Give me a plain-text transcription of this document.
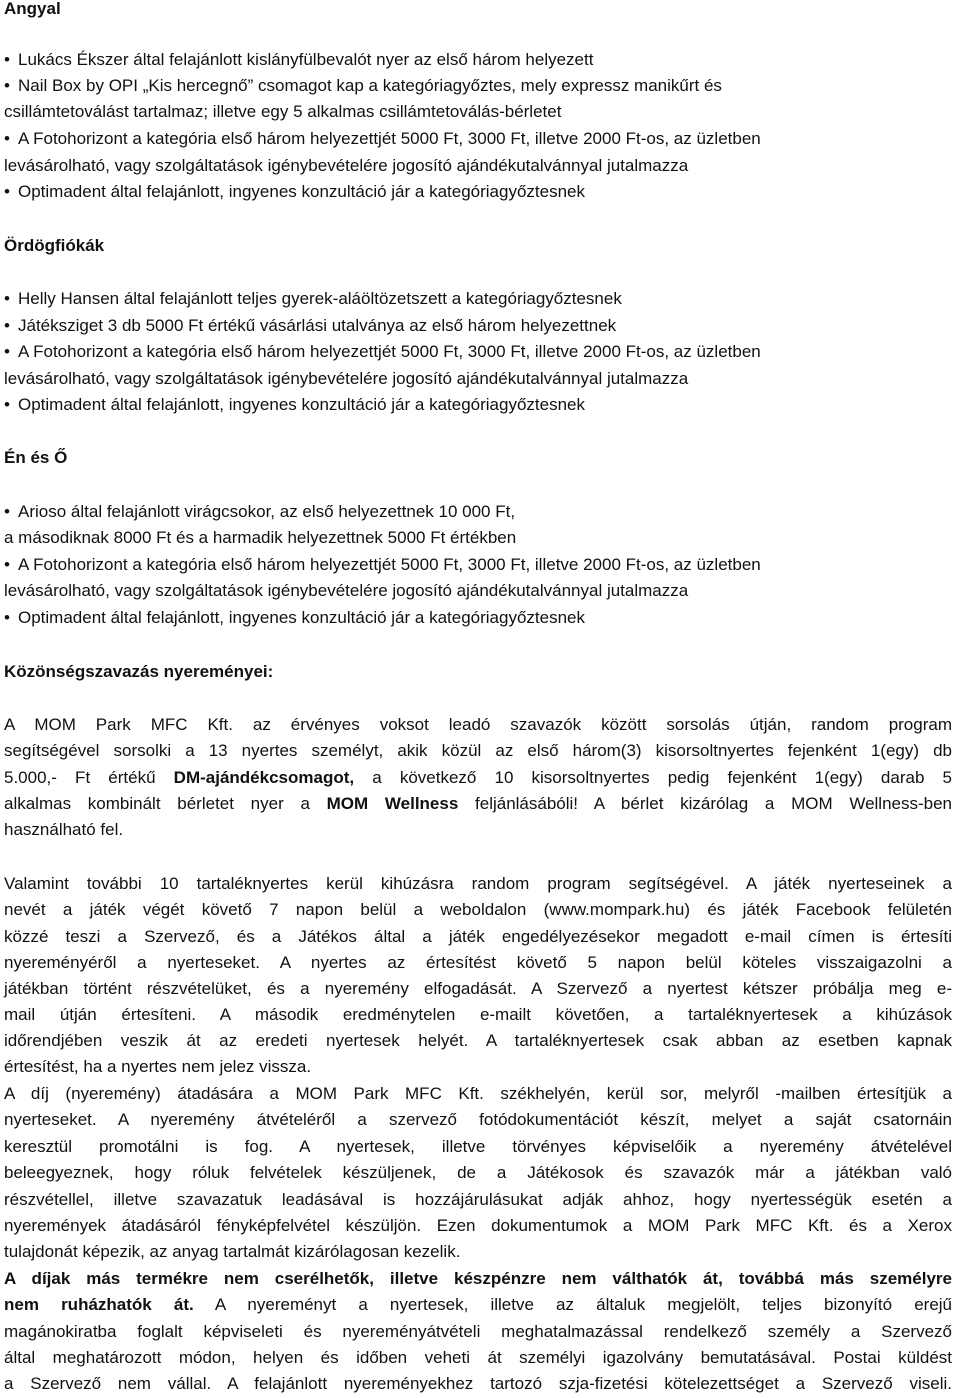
Angyal
• Lukács Ékszer által felajánlott kislányfülbevalót nyer az első három helyezett
• Nail Box by OPI „Kis hercegnő” csomagot kap a kategóriagyőztes, mely expressz manikűrt és
csillámtetoválást tartalmaz; illetve egy 5 alkalmas csillámtetoválás-bérletet
• A Fotohorizont a kategória első három helyezettjét 5000 Ft, 3000 Ft, illetve 2000 Ft-os, az üzletben
levásárolható, vagy szolgáltatások igénybevételére jogosító ajándékutalvánnyal jutalmazza
• Optimadent által felajánlott, ingyenes konzultáció jár a kategóriagyőztesnek
Ördögfiókák
• Helly Hansen által felajánlott teljes gyerek-aláöltözetszett a kategóriagyőztesnek
• Játéksziget 3 db 5000 Ft értékű vásárlási utalványa az első három helyezettnek
• A Fotohorizont a kategória első három helyezettjét 5000 Ft, 3000 Ft, illetve 2000 Ft-os, az üzletben
levásárolható, vagy szolgáltatások igénybevételére jogosító ajándékutalvánnyal jutalmazza
• Optimadent által felajánlott, ingyenes konzultáció jár a kategóriagyőztesnek
Én és Ő
• Arioso által felajánlott virágcsokor, az első helyezettnek 10 000 Ft,
a másodiknak 8000 Ft és a harmadik helyezettnek 5000 Ft értékben
• A Fotohorizont a kategória első három helyezettjét 5000 Ft, 3000 Ft, illetve 2000 Ft-os, az üzletben
levásárolható, vagy szolgáltatások igénybevételére jogosító ajándékutalvánnyal jutalmazza
• Optimadent által felajánlott, ingyenes konzultáció jár a kategóriagyőztesnek
Közönségszavazás nyereményei:
A MOM Park MFC Kft. az érvényes voksot leadó szavazók között sorsolás útján, random program
segítségével sorsolki a 13 nyertes személyt, akik közül az első három(3) kisorsoltnyertes fejenként 1(egy) db
5.000,- Ft értékű DM-ajándékcsomagot, a következő 10 kisorsoltnyertes pedig fejenként 1(egy) darab 5
alkalmas kombinált bérletet nyer a MOM Wellness feljánlásábóli! A bérlet kizárólag a MOM Wellness-ben
használható fel.
Valamint további 10 tartaléknyertes kerül kihúzásra random program segítségével. A játék nyerteseinek a
nevét a játék végét követő 7 napon belül a weboldalon (www.mompark.hu) és játék Facebook felületén
közzé teszi a Szervező, és a Játékos által a játék engedélyezésekor megadott e-mail címen is értesíti
nyereményéről a nyerteseket. A nyertes az értesítést követő 5 napon belül köteles visszaigazolni a
játékban történt részvételüket, és a nyeremény elfogadását. A Szervező a nyertest kétszer próbálja meg e-
mail útján értesíteni. A második eredménytelen e-mailt követően, a tartaléknyertesek a kihúzások
időrendjében veszik át az eredeti nyertesek helyét. A tartaléknyertesek csak abban az esetben kapnak
értesítést, ha a nyertes nem jelez vissza.
A díj (nyeremény) átadására a MOM Park MFC Kft. székhelyén, kerül sor, melyről -mailben értesítjük a
nyerteseket. A nyeremény átvételéről a szervező fotódokumentációt készít, melyet a saját csatornáin
keresztül promotálni is fog. A nyertesek, illetve törvényes képviselőik a nyeremény átvételével
beleegyeznek, hogy róluk felvételek készüljenek, de a Játékosok és szavazók már a játékban való
részvétellel, illetve szavazatuk leadásával is hozzájárulásukat adják ahhoz, hogy nyertességük esetén a
nyeremények átadásáról fényképfelvétel készüljön. Ezen dokumentumok a MOM Park MFC Kft. és a Xerox
tulajdonát képezik, az anyag tartalmát kizárólagosan kezelik.
A díjak más termékre nem cserélhetők, illetve készpénzre nem válthatók át, továbbá más személyre
nem ruházhatók át. A nyereményt a nyertesek, illetve az általuk megjelölt, teljes bizonyító erejű
magánokiratba foglalt képviseleti és nyereményátvételi meghatalmazással rendelkező személy a Szervező
által meghatározott módon, helyen és időben veheti át személyi igazolvány bemutatásával. Postai küldést
a Szervező nem vállal. A felajánlott nyereményekhez tartozó szja-fizetési kötelezettséget a Szervező viseli.
